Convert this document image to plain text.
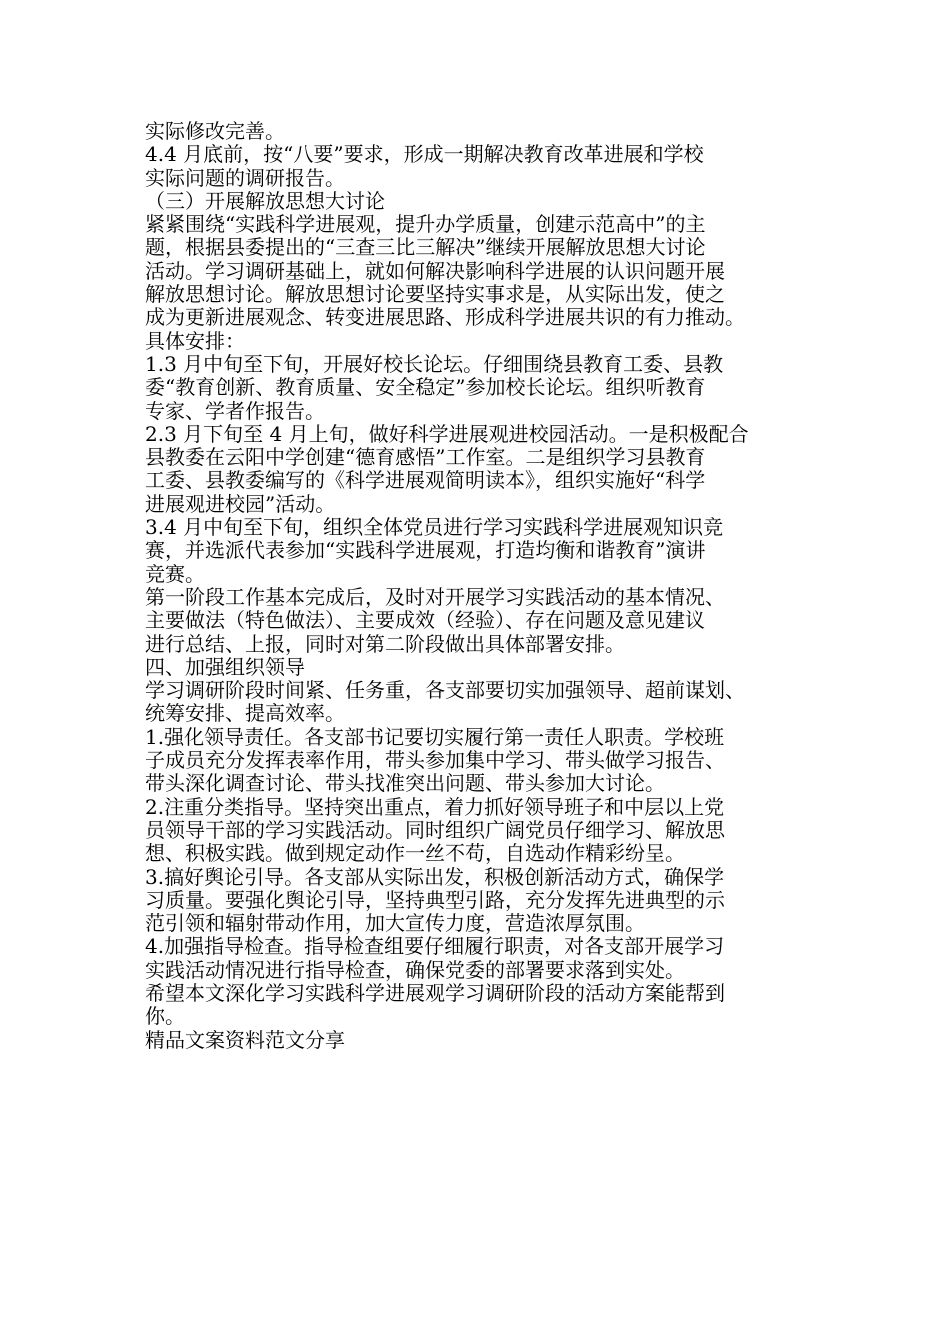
实际修改完善。

4.4 月底前，按“八要”要求，形成一期解决教育改革进展和学校

实际问题的调研报告。

（三）开展解放思想大讨论

紧紧围绕“实践科学进展观，提升办学质量，创建示范高中”的主

题，根据县委提出的“三查三比三解决”继续开展解放思想大讨论

活动。学习调研基础上，就如何解决影响科学进展的认识问题开展

解放思想讨论。解放思想讨论要坚持实事求是，从实际出发，使之

成为更新进展观念、转变进展思路、形成科学进展共识的有力推动。

具体安排：

1.3 月中旬至下旬，开展好校长论坛。仔细围绕县教育工委、县教

委“教育创新、教育质量、安全稳定”参加校长论坛。组织听教育

专家、学者作报告。

2.3 月下旬至 4 月上旬，做好科学进展观进校园活动。一是积极配合

县教委在云阳中学创建“德育感悟”工作室。二是组织学习县教育

工委、县教委编写的《科学进展观简明读本》，组织实施好“科学

进展观进校园”活动。

3.4 月中旬至下旬，组织全体党员进行学习实践科学进展观知识竞

赛，并选派代表参加“实践科学进展观，打造均衡和谐教育”演讲

竞赛。

第一阶段工作基本完成后，及时对开展学习实践活动的基本情况、

主要做法（特色做法）、主要成效（经验）、存在问题及意见建议

进行总结、上报，同时对第二阶段做出具体部署安排。

四、加强组织领导

学习调研阶段时间紧、任务重，各支部要切实加强领导、超前谋划、

统筹安排、提高效率。

1.强化领导责任。各支部书记要切实履行第一责任人职责。学校班

子成员充分发挥表率作用，带头参加集中学习、带头做学习报告、

带头深化调查讨论、带头找准突出问题、带头参加大讨论。

2.注重分类指导。坚持突出重点，着力抓好领导班子和中层以上党

员领导干部的学习实践活动。同时组织广阔党员仔细学习、解放思

想、积极实践。做到规定动作一丝不苟，自选动作精彩纷呈。

3.搞好舆论引导。各支部从实际出发，积极创新活动方式，确保学

习质量。要强化舆论引导，坚持典型引路，充分发挥先进典型的示

范引领和辐射带动作用，加大宣传力度，营造浓厚氛围。

4.加强指导检查。指导检查组要仔细履行职责，对各支部开展学习

实践活动情况进行指导检查，确保党委的部署要求落到实处。

希望本文深化学习实践科学进展观学习调研阶段的活动方案能帮到

你。

精品文案资料范文分享
